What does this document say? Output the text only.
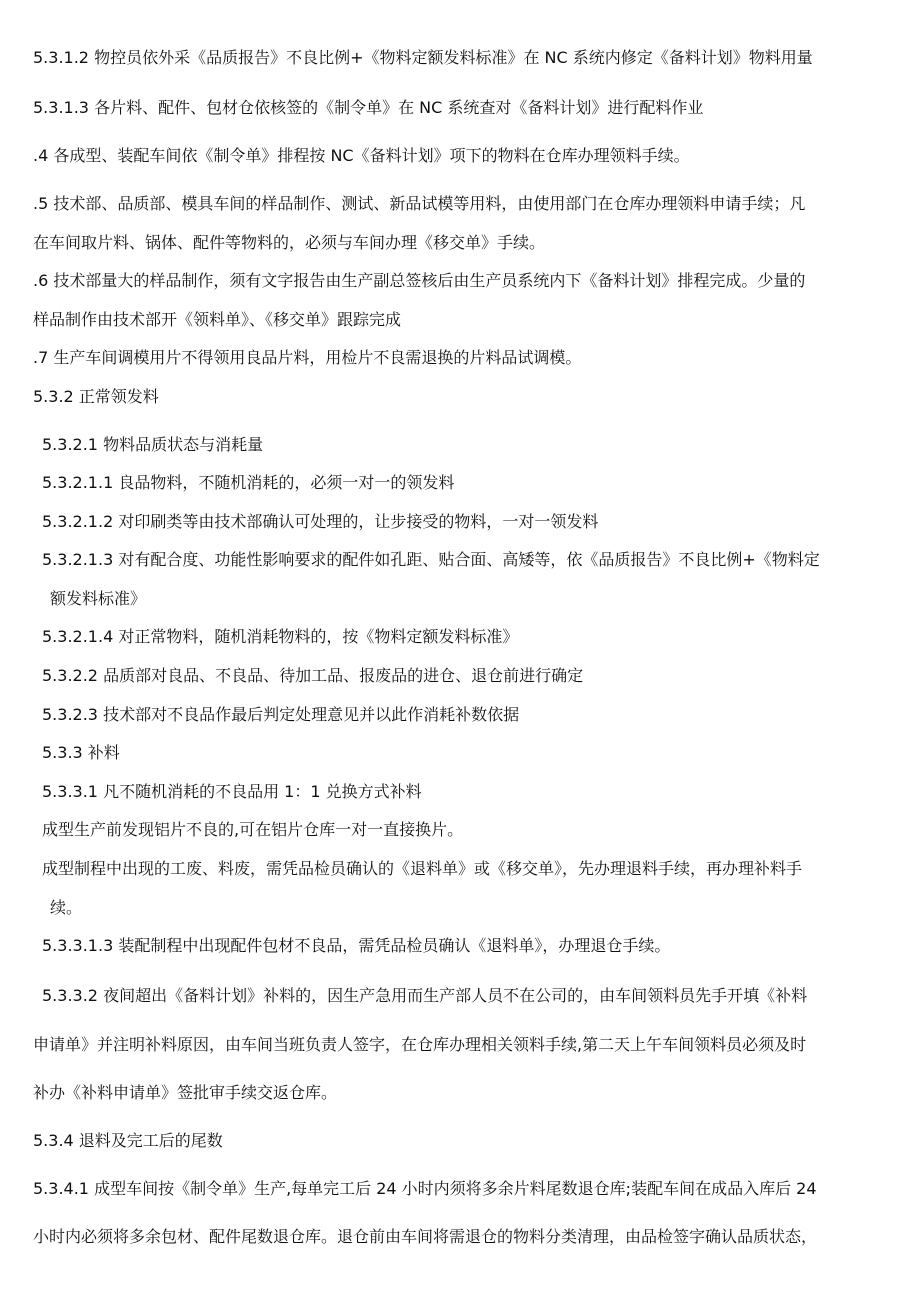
5.3.1.2 物控员依外采《品质报告》不良比例+《物料定额发料标准》在 NC 系统内修定《备料计划》物料用量
5.3.1.3 各片料、配件、包材仓依核签的《制令单》在 NC 系统查对《备料计划》进行配料作业
.4 各成型、装配车间依《制令单》排程按 NC《备料计划》项下的物料在仓库办理领料手续。
.5 技术部、品质部、模具车间的样品制作、测试、新品试模等用料，由使用部门在仓库办理领料申请手续；凡
在车间取片料、锅体、配件等物料的，必须与车间办理《移交单》手续。
.6 技术部量大的样品制作，须有文字报告由生产副总签核后由生产员系统内下《备料计划》排程完成。少量的
样品制作由技术部开《领料单》、《移交单》跟踪完成
.7 生产车间调模用片不得领用良品片料，用检片不良需退换的片料品试调模。
5.3.2 正常领发料
5.3.2.1 物料品质状态与消耗量
5.3.2.1.1 良品物料，不随机消耗的，必须一对一的领发料
5.3.2.1.2 对印刷类等由技术部确认可处理的，让步接受的物料，一对一领发料
5.3.2.1.3 对有配合度、功能性影响要求的配件如孔距、贴合面、高矮等，依《品质报告》不良比例+《物料定
额发料标准》
5.3.2.1.4 对正常物料，随机消耗物料的，按《物料定额发料标准》
5.3.2.2 品质部对良品、不良品、待加工品、报废品的进仓、退仓前进行确定
5.3.2.3 技术部对不良品作最后判定处理意见并以此作消耗补数依据
5.3.3 补料
5.3.3.1 凡不随机消耗的不良品用 1：1 兑换方式补料
成型生产前发现铝片不良的,可在铝片仓库一对一直接换片。
成型制程中出现的工废、料废，需凭品检员确认的《退料单》或《移交单》，先办理退料手续，再办理补料手
续。
5.3.3.1.3 装配制程中出现配件包材不良品，需凭品检员确认《退料单》，办理退仓手续。
5.3.3.2 夜间超出《备料计划》补料的，因生产急用而生产部人员不在公司的，由车间领料员先手开填《补料
申请单》并注明补料原因，由车间当班负责人签字，在仓库办理相关领料手续,第二天上午车间领料员必须及时
补办《补料申请单》签批审手续交返仓库。
5.3.4 退料及完工后的尾数
5.3.4.1 成型车间按《制令单》生产,每单完工后 24 小时内须将多余片料尾数退仓库;装配车间在成品入库后 24
小时内必须将多余包材、配件尾数退仓库。退仓前由车间将需退仓的物料分类清理，由品检签字确认品质状态，
